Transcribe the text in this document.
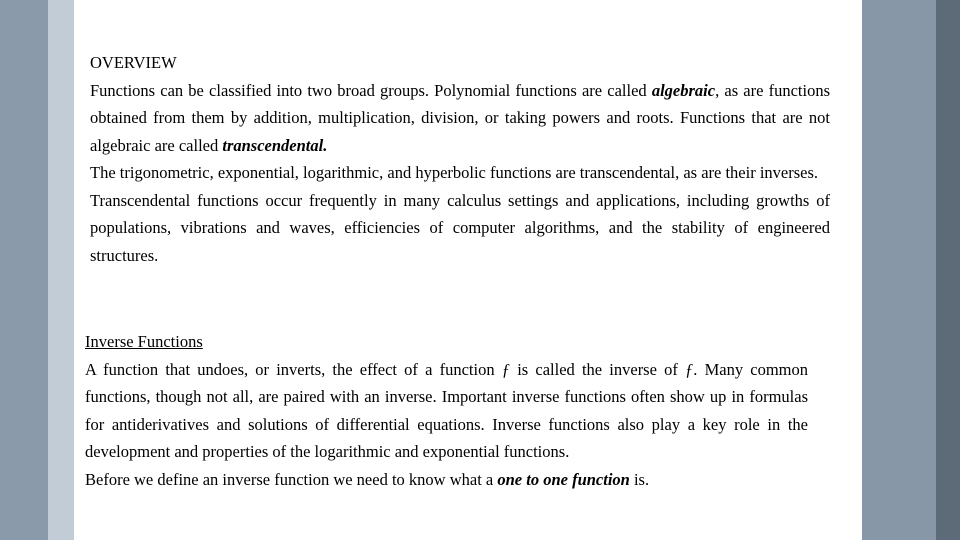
OVERVIEW

Functions can be classified into two broad groups. Polynomial functions are called algebraic, as are functions obtained from them by addition, multiplication, division, or taking powers and roots. Functions that are not algebraic are called transcendental.

The trigonometric, exponential, logarithmic, and hyperbolic functions are transcendental, as are their inverses.

Transcendental functions occur frequently in many calculus settings and applications, including growths of populations, vibrations and waves, efficiencies of computer algorithms, and the stability of engineered structures.

Inverse Functions

A function that undoes, or inverts, the effect of a function ƒ is called the inverse of ƒ. Many common functions, though not all, are paired with an inverse. Important inverse functions often show up in formulas for antiderivatives and solutions of differential equations. Inverse functions also play a key role in the development and properties of the logarithmic and exponential functions.

Before we define an inverse function we need to know what a one to one function is.
